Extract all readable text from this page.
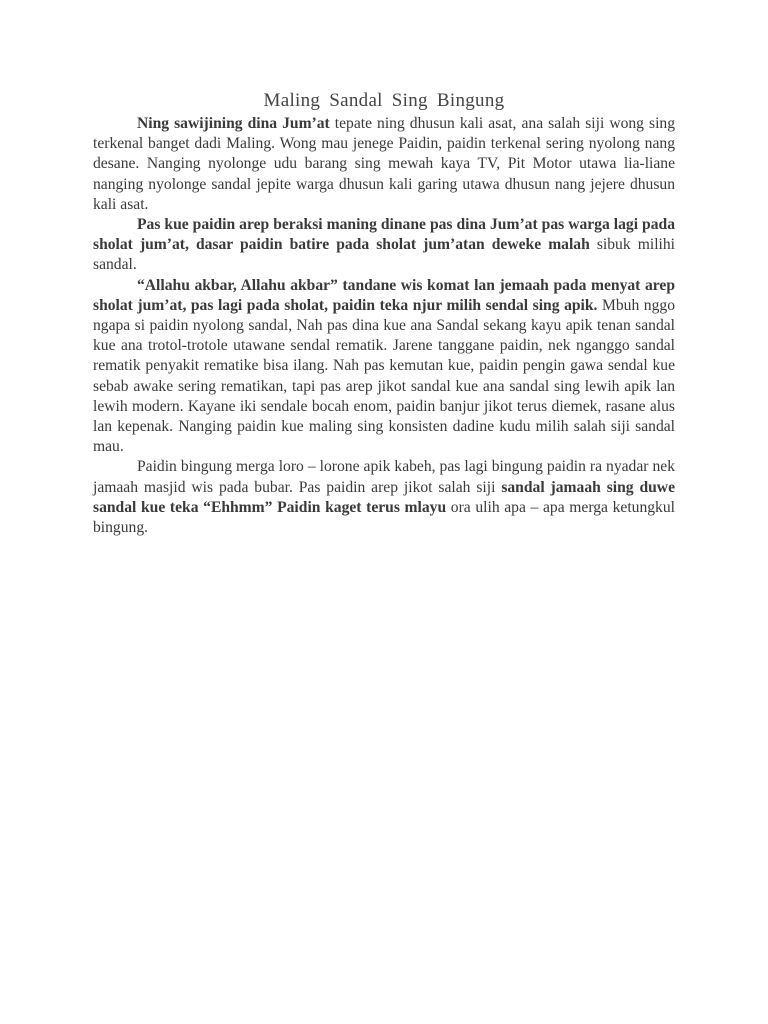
Maling Sandal Sing Bingung

Ning sawijining dina Jum’at tepate ning dhusun kali asat, ana salah siji wong sing terkenal banget dadi Maling. Wong mau jenege Paidin, paidin terkenal sering nyolong nang desane. Nanging nyolonge udu barang sing mewah kaya TV, Pit Motor utawa lia-liane nanging nyolonge sandal jepite warga dhusun kali garing utawa dhusun nang jejere dhusun kali asat.

Pas kue paidin arep beraksi maning dinane pas dina Jum’at pas warga lagi pada sholat jum’at, dasar paidin batire pada sholat jum’atan deweke malah sibuk milihi sandal.

“Allahu akbar, Allahu akbar” tandane wis komat lan jemaah pada menyat arep sholat jum’at, pas lagi pada sholat, paidin teka njur milih sendal sing apik. Mbuh nggo ngapa si paidin nyolong sandal, Nah pas dina kue ana Sandal sekang kayu apik tenan sandal kue ana trotol-trotole utawane sendal rematik. Jarene tanggane paidin, nek nganggo sandal rematik penyakit rematike bisa ilang. Nah pas kemutan kue, paidin pengin gawa sendal kue sebab awake sering rematikan, tapi pas arep jikot sandal kue ana sandal sing lewih apik lan lewih modern. Kayane iki sendale bocah enom, paidin banjur jikot terus diemek, rasane alus lan kepenak. Nanging paidin kue maling sing konsisten dadine kudu milih salah siji sandal mau.

Paidin bingung merga loro – lorone apik kabeh, pas lagi bingung paidin ra nyadar nek jamaah masjid wis pada bubar. Pas paidin arep jikot salah siji sandal jamaah sing duwe sandal kue teka “Ehhmm” Paidin kaget terus mlayu ora ulih apa – apa merga ketungkul bingung.
